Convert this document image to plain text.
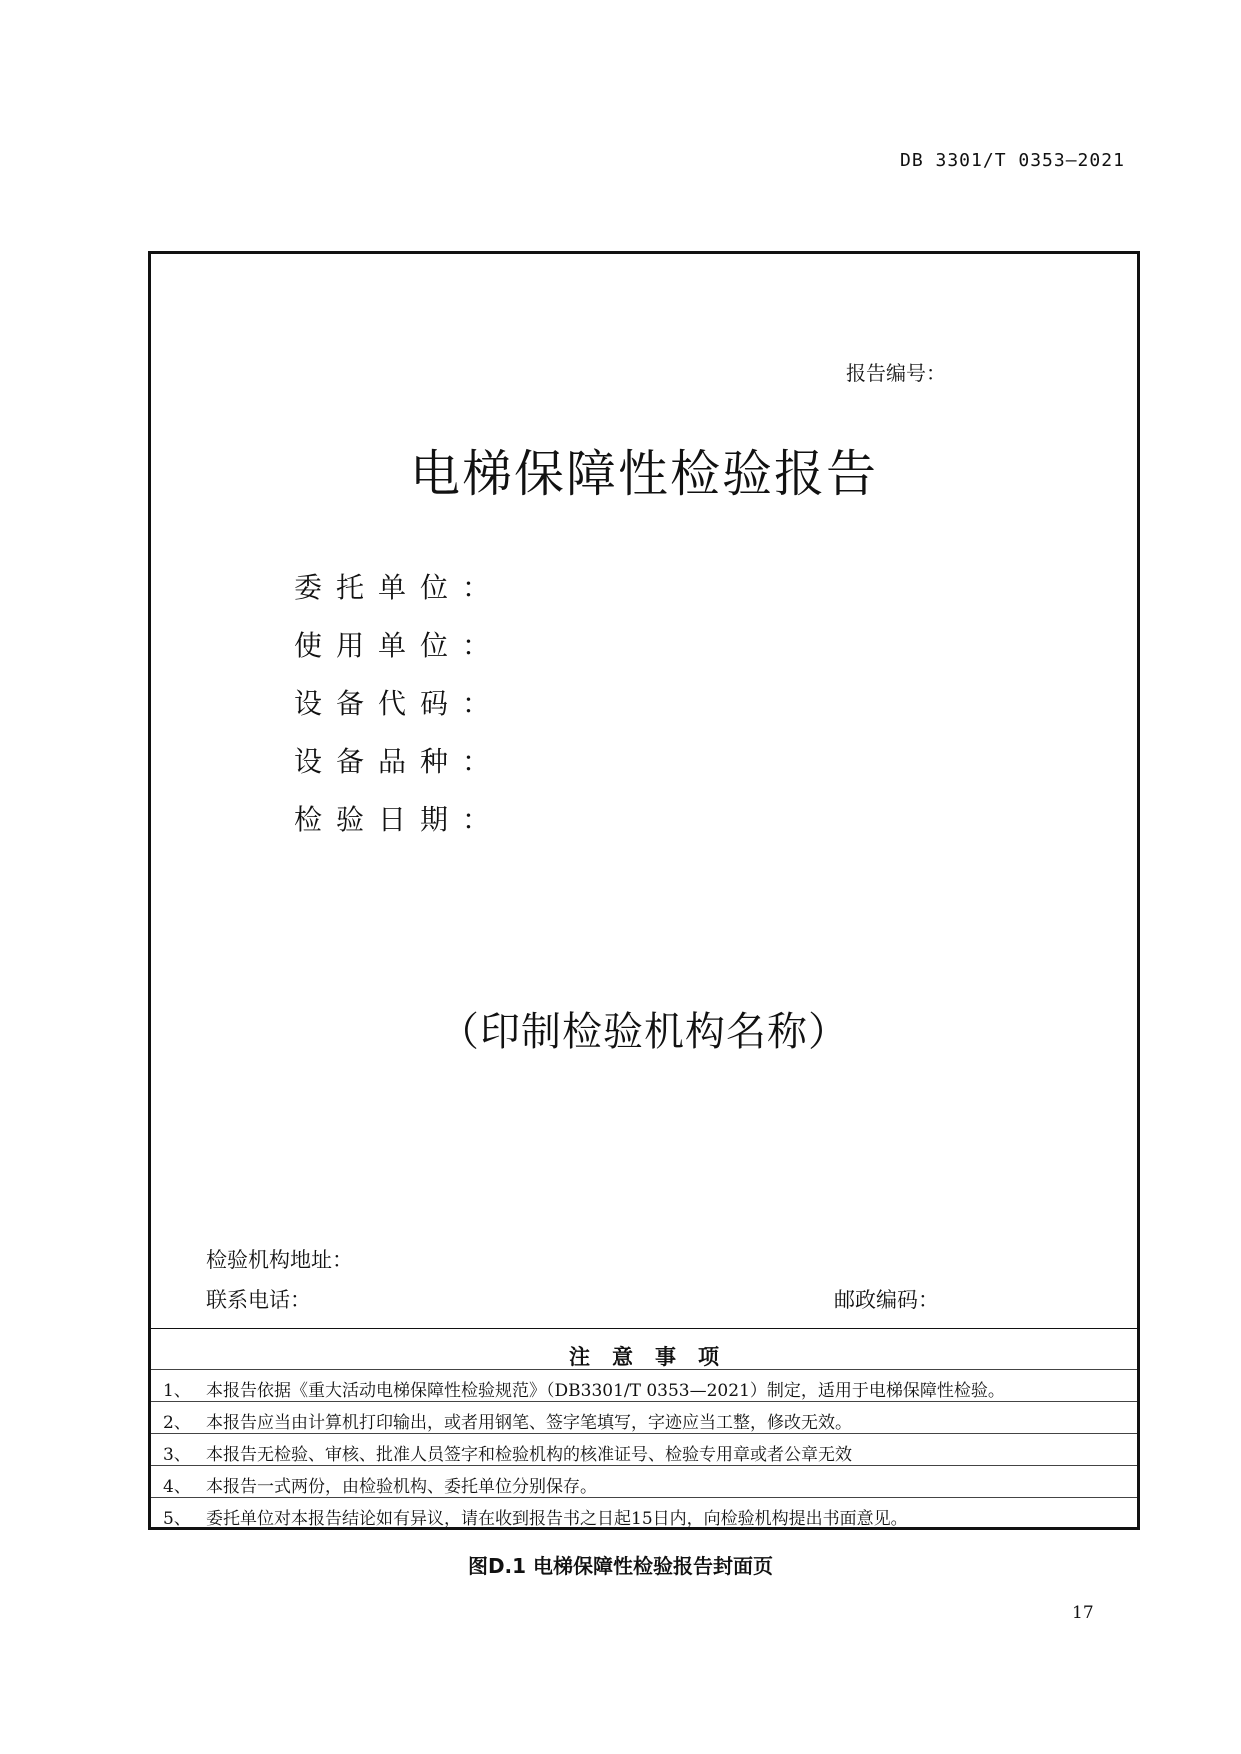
DB 3301/T 0353—2021
报告编号：
电梯保障性检验报告
委托单位：
使用单位：
设备代码：
设备品种：
检验日期：
（印制检验机构名称）
检验机构地址：
联系电话：	邮政编码：
注意事项
1、 本报告依据《重大活动电梯保障性检验规范》（DB3301/T 0353—2021）制定，适用于电梯保障性检验。
2、 本报告应当由计算机打印输出，或者用钢笔、签字笔填写，字迹应当工整，修改无效。
3、 本报告无检验、审核、批准人员签字和检验机构的核准证号、检验专用章或者公章无效
4、 本报告一式两份，由检验机构、委托单位分别保存。
5、 委托单位对本报告结论如有异议，请在收到报告书之日起15日内，向检验机构提出书面意见。
图D.1 电梯保障性检验报告封面页
17
